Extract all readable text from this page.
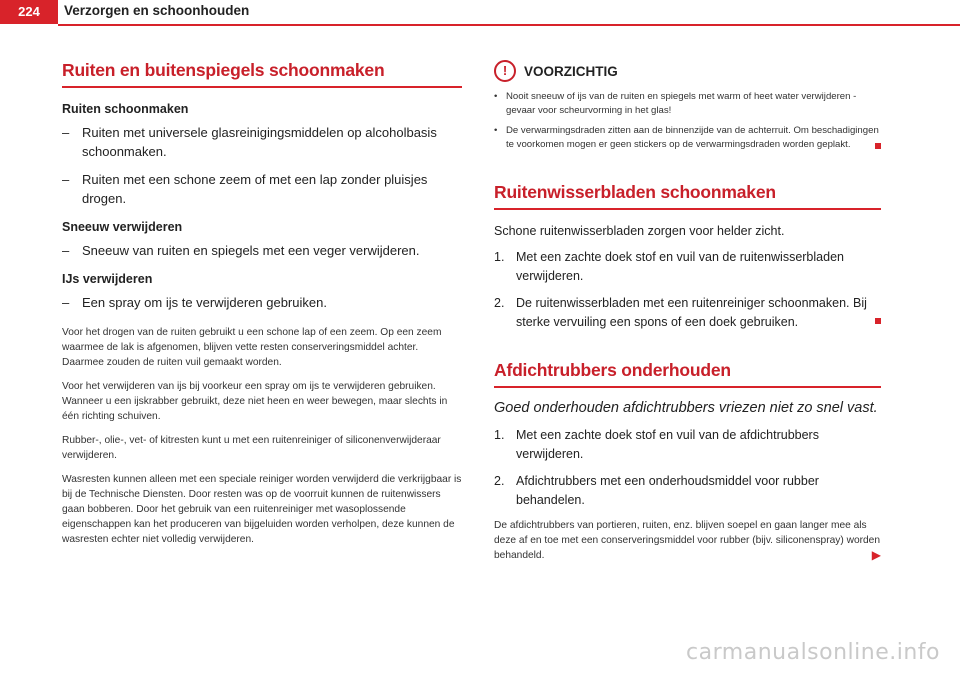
224	Verzorgen en schoonhouden
Ruiten en buitenspiegels schoonmaken
Ruiten schoonmaken
– Ruiten met universele glasreinigingsmiddelen op alcoholbasis schoonmaken.
– Ruiten met een schone zeem of met een lap zonder pluisjes drogen.
Sneeuw verwijderen
– Sneeuw van ruiten en spiegels met een veger verwijderen.
IJs verwijderen
– Een spray om ijs te verwijderen gebruiken.

Voor het drogen van de ruiten gebruikt u een schone lap of een zeem. Op een zeem waarmee de lak is afgenomen, blijven vette resten conserveringsmiddel achter. Daarmee zouden de ruiten vuil gemaakt worden.

Voor het verwijderen van ijs bij voorkeur een spray om ijs te verwijderen gebruiken. Wanneer u een ijskrabber gebruikt, deze niet heen en weer bewegen, maar slechts in één richting schuiven.

Rubber-, olie-, vet- of kitresten kunt u met een ruitenreiniger of siliconenverwijderaar verwijderen.

Wasresten kunnen alleen met een speciale reiniger worden verwijderd die verkrijgbaar is bij de Technische Diensten. Door resten was op de voorruit kunnen de ruitenwissers gaan bobberen. Door het gebruik van een ruitenreiniger met wasoplossende eigenschappen kan het produceren van bijgeluiden worden verholpen, deze kunnen de wasresten echter niet volledig verwijderen.

!	VOORZICHTIG
• Nooit sneeuw of ijs van de ruiten en spiegels met warm of heet water verwijderen - gevaar voor scheurvorming in het glas!
• De verwarmingsdraden zitten aan de binnenzijde van de achterruit. Om beschadigingen te voorkomen mogen er geen stickers op de verwarmingsdraden worden geplakt.
Ruitenwisserbladen schoonmaken

Schone ruitenwisserbladen zorgen voor helder zicht.

1. Met een zachte doek stof en vuil van de ruitenwisserbladen verwijderen.
2. De ruitenwisserbladen met een ruitenreiniger schoonmaken. Bij sterke vervuiling een spons of een doek gebruiken.
Afdichtrubbers onderhouden

Goed onderhouden afdichtrubbers vriezen niet zo snel vast.

1. Met een zachte doek stof en vuil van de afdichtrubbers verwijderen.
2. Afdichtrubbers met een onderhoudsmiddel voor rubber behandelen.

De afdichtrubbers van portieren, ruiten, enz. blijven soepel en gaan langer mee als deze af en toe met een conserveringsmiddel voor rubber (bijv. siliconenspray) worden behandeld.	▶

carmanualsonline.info
